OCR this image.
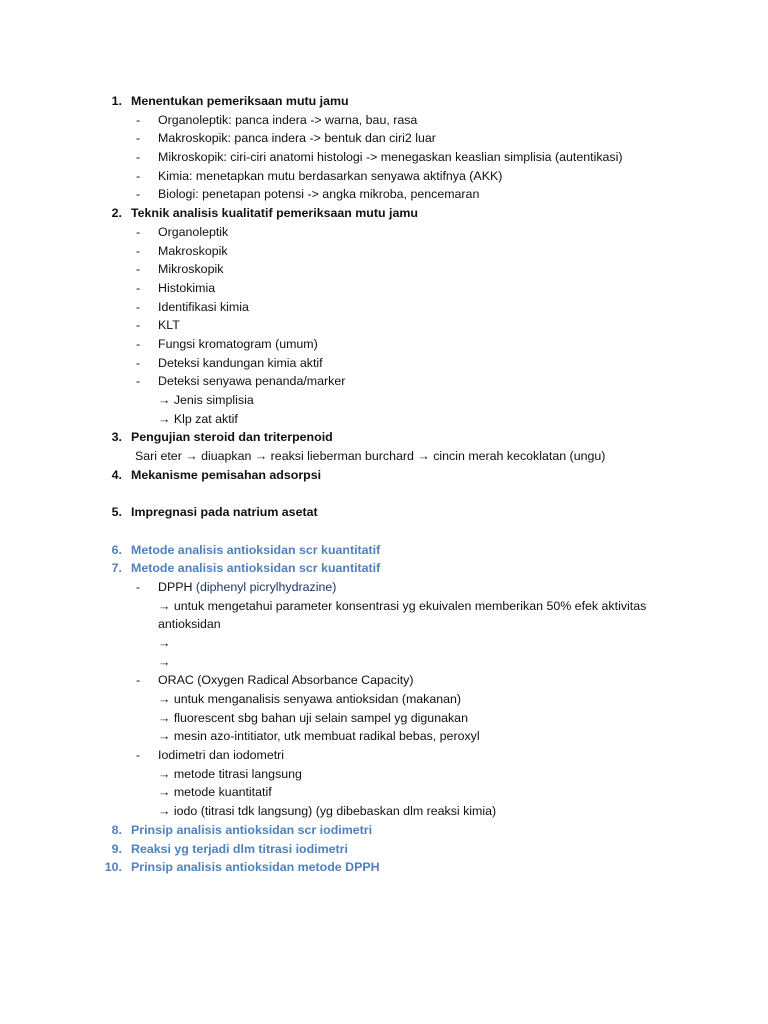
1. Menentukan pemeriksaan mutu jamu
- Organoleptik: panca indera -> warna, bau, rasa
- Makroskopik: panca indera -> bentuk dan ciri2 luar
- Mikroskopik: ciri-ciri anatomi histologi -> menegaskan keaslian simplisia (autentikasi)
- Kimia: menetapkan mutu berdasarkan senyawa aktifnya (AKK)
- Biologi: penetapan potensi -> angka mikroba, pencemaran
2. Teknik analisis kualitatif pemeriksaan mutu jamu
- Organoleptik
- Makroskopik
- Mikroskopik
- Histokimia
- Identifikasi kimia
- KLT
- Fungsi kromatogram (umum)
- Deteksi kandungan kimia aktif
- Deteksi senyawa penanda/marker
→ Jenis simplisia
→ Klp zat aktif
3. Pengujian steroid dan triterpenoid
Sari eter → diuapkan → reaksi lieberman burchard → cincin merah kecoklatan (ungu)
4. Mekanisme pemisahan adsorpsi
5. Impregnasi pada natrium asetat
6. Metode analisis antioksidan scr kuantitatif
7. Metode analisis antioksidan scr kuantitatif
- DPPH (diphenyl picrylhydrazine)
→ untuk mengetahui parameter konsentrasi yg ekuivalen memberikan 50% efek aktivitas
antioksidan
→
→
- ORAC (Oxygen Radical Absorbance Capacity)
→ untuk menganalisis senyawa antioksidan (makanan)
→ fluorescent sbg bahan uji selain sampel yg digunakan
→ mesin azo-intitiator, utk membuat radikal bebas, peroxyl
- Iodimetri dan iodometri
→ metode titrasi langsung
→ metode kuantitatif
→ iodo (titrasi tdk langsung) (yg dibebaskan dlm reaksi kimia)
8. Prinsip analisis antioksidan scr iodimetri
9. Reaksi yg terjadi dlm titrasi iodimetri
10. Prinsip analisis antioksidan metode DPPH
